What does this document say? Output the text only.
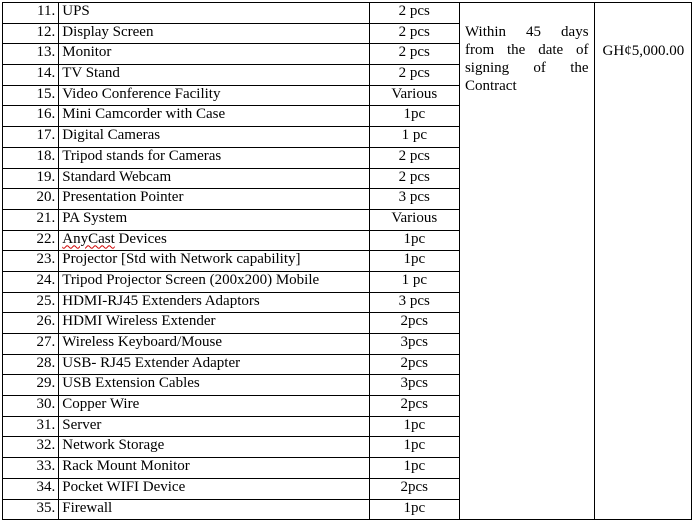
11.	UPS	2 pcs	Within 45 days from the date of signing of the Contract	GH¢5,000.00

12.	Display Screen	2 pcs		
13.	Monitor	2 pcs		
14.	TV Stand	2 pcs		
15.	Video Conference Facility	Various		
16.	Mini Camcorder with Case	1pc		
17.	Digital Cameras	1 pc		
18.	Tripod stands for Cameras	2 pcs		
19.	Standard Webcam	2 pcs		
20.	Presentation Pointer	3 pcs		
21.	PA System	Various		
22.	AnyCast Devices	1pc		
23.	Projector [Std with Network capability]	1pc		
24.	Tripod Projector Screen (200x200) Mobile	1 pc		
25.	HDMI-RJ45 Extenders Adaptors	3 pcs		
26.	HDMI Wireless Extender	2pcs		
27.	Wireless Keyboard/Mouse	3pcs		
28.	USB- RJ45 Extender Adapter	2pcs		
29.	USB Extension Cables	3pcs		
30.	Copper Wire	2pcs		
31.	Server	1pc		
32.	Network Storage	1pc		
33.	Rack Mount Monitor	1pc		
34.	Pocket WIFI Device	2pcs		
35.	Firewall	1pc		
